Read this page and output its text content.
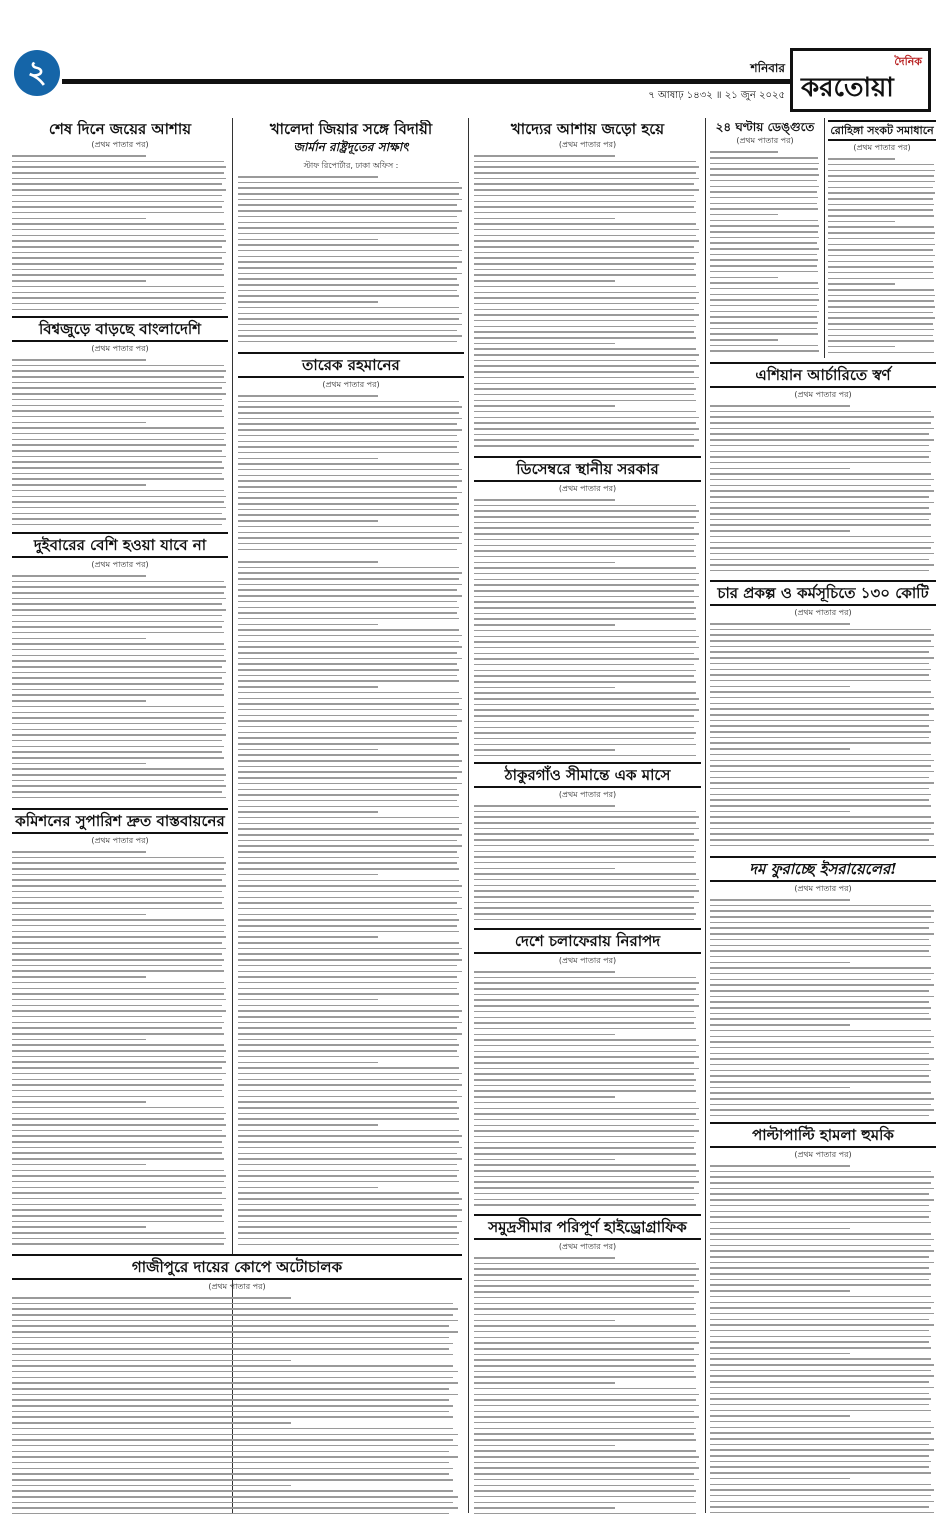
২	শনিবার
৭ আষাঢ় ১৪৩২ ॥ ২১ জুন ২০২৫
দৈনিক
করতোয়া
শেষ দিনে জয়ের আশায়
(প্রথম পাতার পর)
বিশ্বজুড়ে বাড়ছে বাংলাদেশি
(প্রথম পাতার পর)
দুইবারের বেশি হওয়া যাবে না
(প্রথম পাতার পর)
কমিশনের সুপারিশ দ্রুত বাস্তবায়নের
(প্রথম পাতার পর)
গাজীপুরে দায়ের কোপে অটোচালক
(প্রথম পাতার পর)
খালেদা জিয়ার সঙ্গে বিদায়ী
জার্মান রাষ্ট্রদূতের সাক্ষাৎ
স্টাফ রিপোর্টার, ঢাকা অফিস :
তারেক রহমানের
(প্রথম পাতার পর)
খাদ্যের আশায় জড়ো হয়ে
(প্রথম পাতার পর)
ডিসেম্বরে স্থানীয় সরকার
(প্রথম পাতার পর)
ঠাকুরগাঁও সীমান্তে এক মাসে
(প্রথম পাতার পর)
দেশে চলাফেরায় নিরাপদ
(প্রথম পাতার পর)
সমুদ্রসীমার পরিপূর্ণ হাইড্রোগ্রাফিক
(প্রথম পাতার পর)
২৪ ঘণ্টায় ডেঙ্গুতে
(প্রথম পাতার পর)
রোহিঙ্গা সংকট সমাধানে
(প্রথম পাতার পর)
এশিয়ান আর্চারিতে স্বর্ণ
(প্রথম পাতার পর)
চার প্রকল্প ও কর্মসূচিতে ১৩০ কোটি
(প্রথম পাতার পর)
দম ফুরাচ্ছে ইসরায়েলের!
(প্রথম পাতার পর)
পাল্টাপাল্টি হামলা হুমকি
(প্রথম পাতার পর)
